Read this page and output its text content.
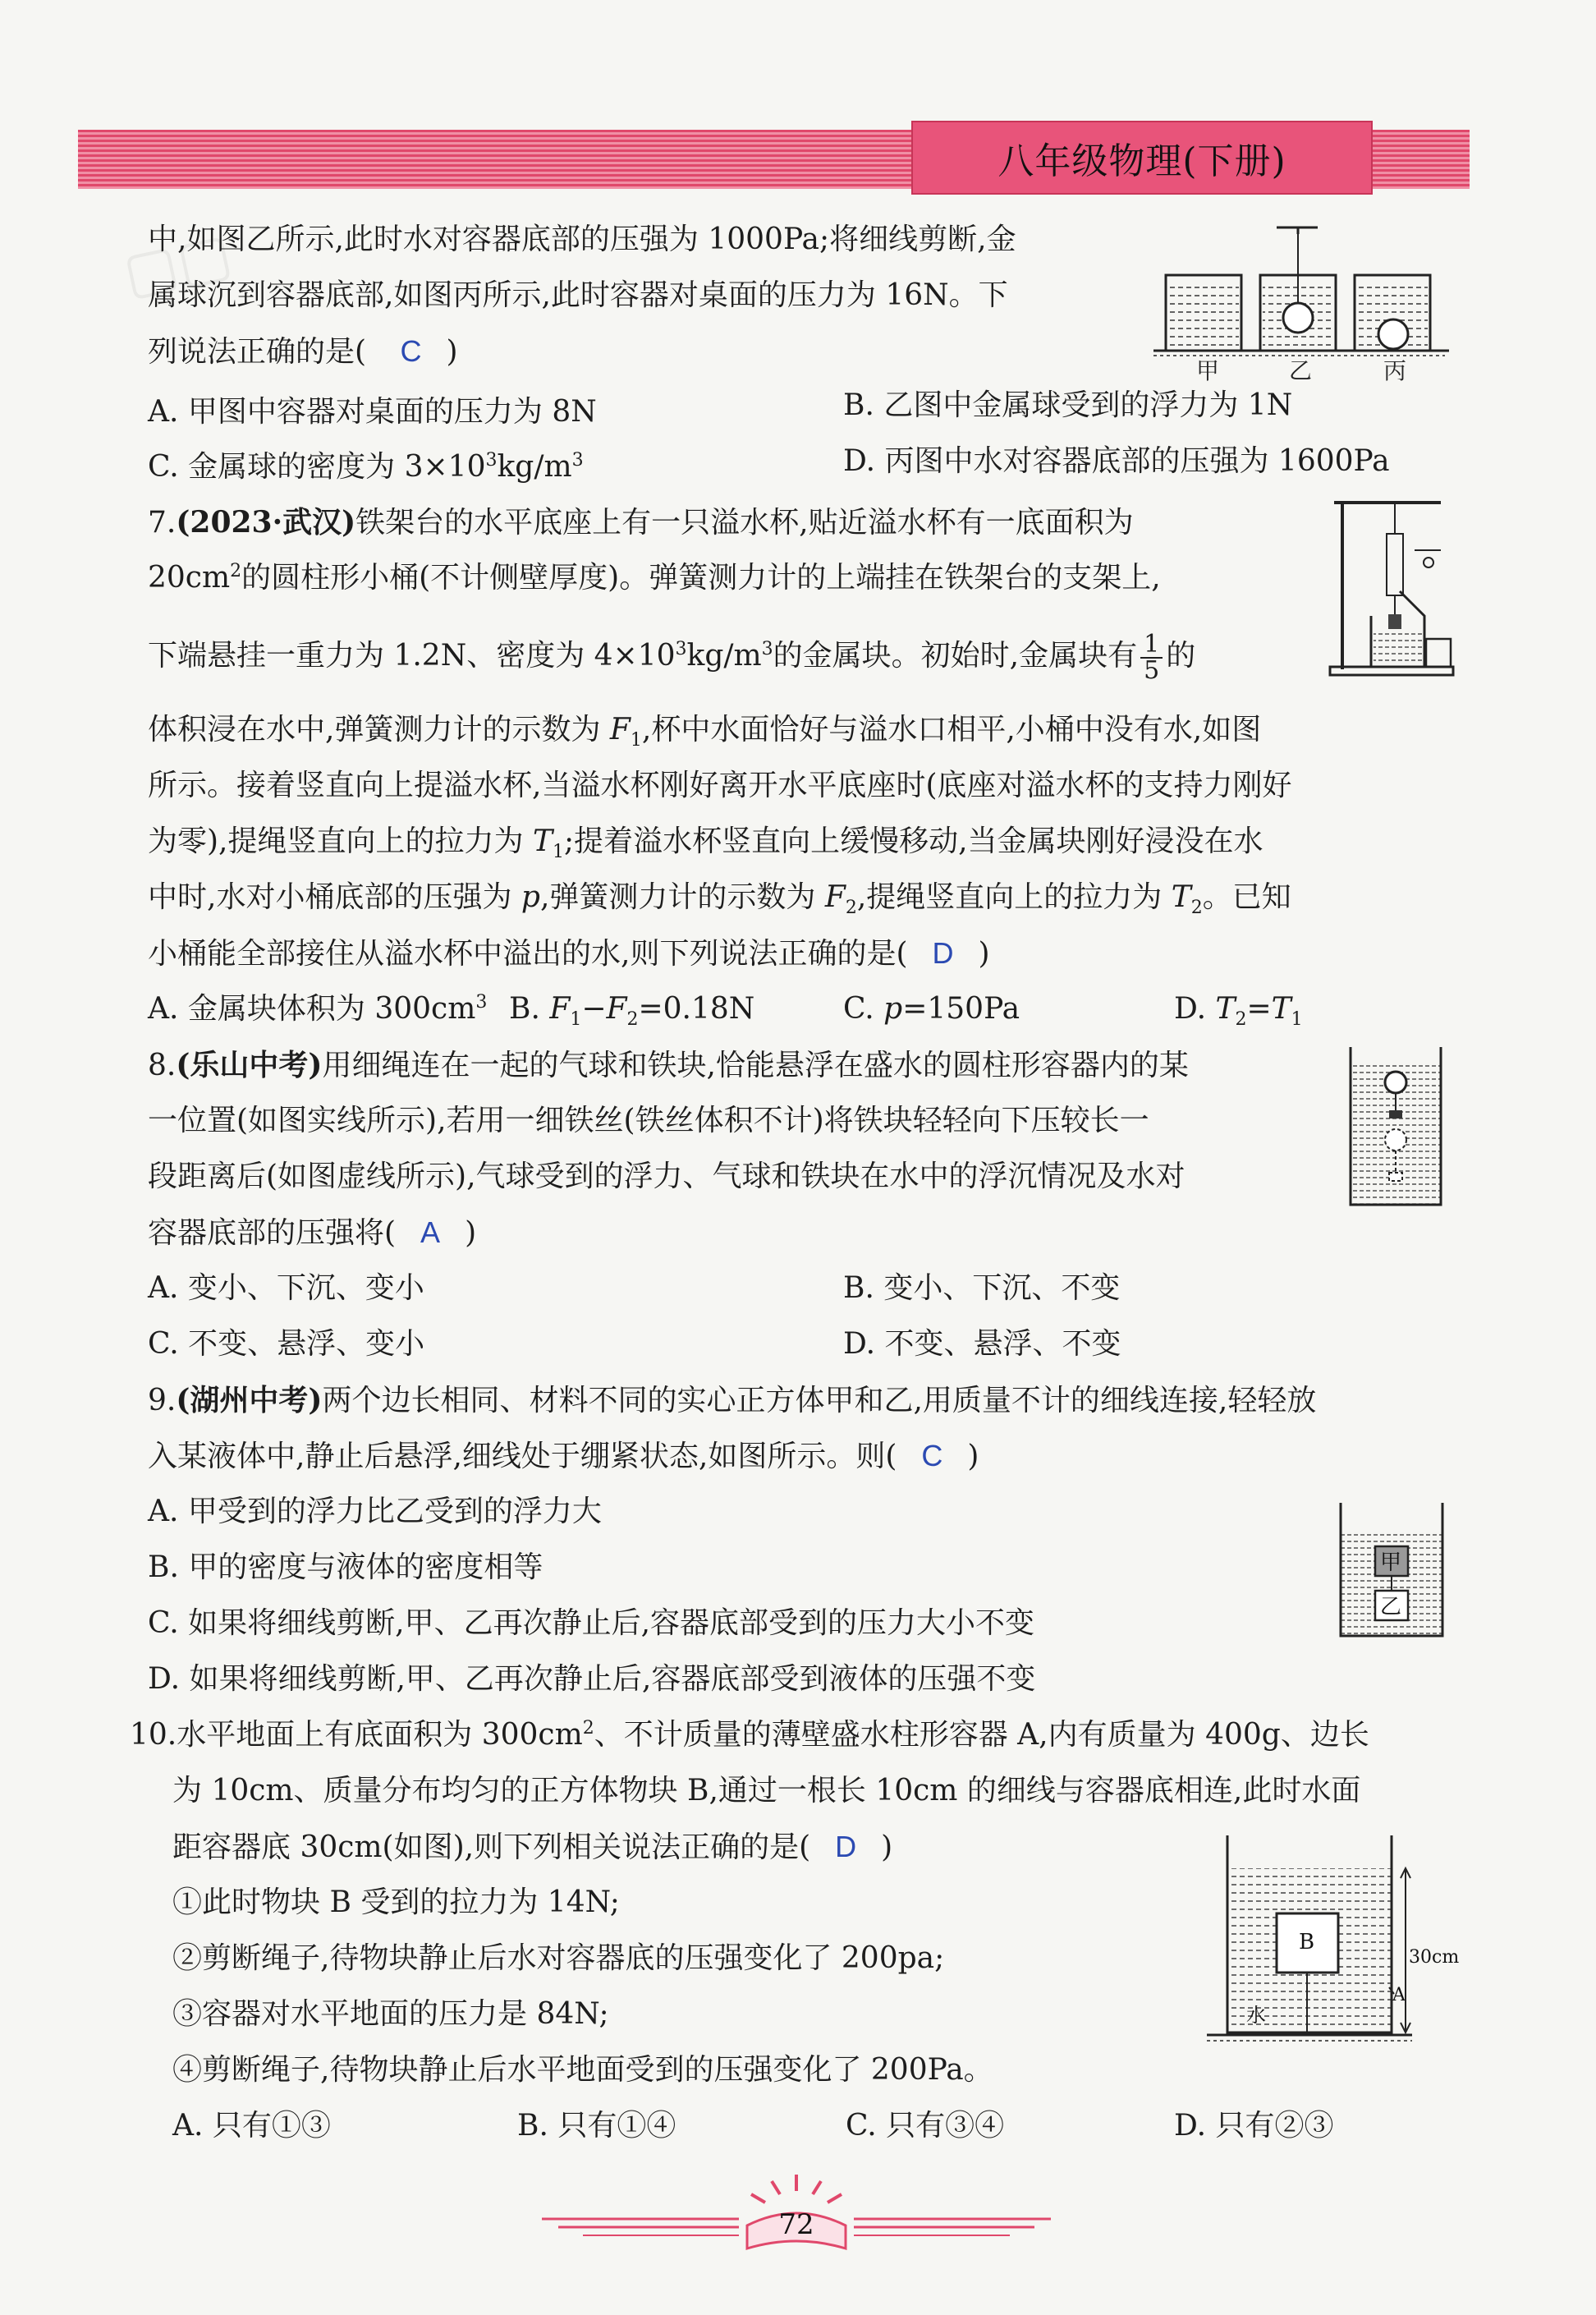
八年级物理(下册)
▢▢
中,如图乙所示,此时水对容器底部的压强为 1000Pa;将细线剪断,金
属球沉到容器底部,如图丙所示,此时容器对桌面的压力为 16N。下
列说法正确的是( C )
甲	乙	丙
A. 甲图中容器对桌面的压力为 8N	B. 乙图中金属球受到的浮力为 1N
C. 金属球的密度为 $3\times 10^3kg/m^3$	D. 丙图中水对容器底部的压强为 1600Pa
7.(2023·武汉)铁架台的水平底座上有一只溢水杯,贴近溢水杯有一底面积为
$20cm^2$的圆柱形小桶(不计侧壁厚度)。弹簧测力计的上端挂在铁架台的支架上,
下端悬挂一重力为 1.2N、密度为 $4\times 10^3kg/m^3$的金属块。初始时,金属块有 $\frac{1}{5}$ 的
体积浸在水中,弹簧测力计的示数为 $F_1$,杯中水面恰好与溢水口相平,小桶中没有水,如图
所示。接着竖直向上提溢水杯,当溢水杯刚好离开水平底座时(底座对溢水杯的支持力刚好
为零),提绳竖直向上的拉力为 $T_1$;提着溢水杯竖直向上缓慢移动,当金属块刚好浸没在水
中时,水对小桶底部的压强为 p,弹簧测力计的示数为 $F_2$,提绳竖直向上的拉力为 $T_2$。已知
小桶能全部接住从溢水杯中溢出的水,则下列说法正确的是( D )
A. 金属块体积为 $300cm^3$ B. $F_1-F_2=0.18N$	C. p=150Pa	D. $T_2=T_1$
8.(乐山中考)用细绳连在一起的气球和铁块,恰能悬浮在盛水的圆柱形容器内的某
一位置(如图实线所示),若用一细铁丝(铁丝体积不计)将铁块轻轻向下压较长一
段距离后(如图虚线所示),气球受到的浮力、气球和铁块在水中的浮沉情况及水对
容器底部的压强将( A )
A. 变小、下沉、变小	B. 变小、下沉、不变
C. 不变、悬浮、变小	D. 不变、悬浮、不变
9.(湖州中考)两个边长相同、材料不同的实心正方体甲和乙,用质量不计的细线连接,轻轻放
入某液体中,静止后悬浮,细线处于绷紧状态,如图所示。则( C )
A. 甲受到的浮力比乙受到的浮力大
B. 甲的密度与液体的密度相等
C. 如果将细线剪断,甲、乙再次静止后,容器底部受到的压力大小不变
D. 如果将细线剪断,甲、乙再次静止后,容器底部受到液体的压强不变
甲
乙
10.水平地面上有底面积为 $300cm^2$、不计质量的薄壁盛水柱形容器 A,内有质量为 400g、边长
为 10cm、质量分布均匀的正方体物块 B,通过一根长 10cm 的细线与容器底相连,此时水面
距容器底 30cm(如图),则下列相关说法正确的是( D )
①此时物块 B 受到的拉力为 14N;
②剪断绳子,待物块静止后水对容器底的压强变化了 200pa;
③容器对水平地面的压力是 84N;
④剪断绳子,待物块静止后水平地面受到的压强变化了 200Pa。
A. 只有①③	B. 只有①④	C. 只有③④	D. 只有②③
B
水
A
30cm
72
